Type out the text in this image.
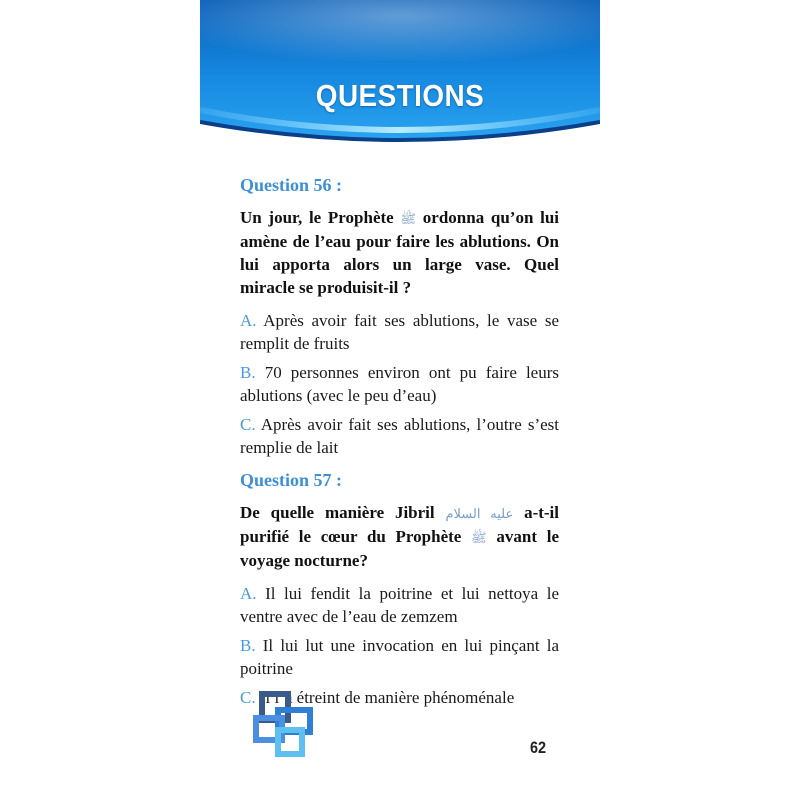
QUESTIONS
Question 56 :
Un jour, le Prophète ﷺ ordonna qu’on lui amène de l’eau pour faire les ablutions. On lui apporta alors un large vase. Quel miracle se produisit-il ?
A. Après avoir fait ses ablutions, le vase se remplit de fruits
B. 70 personnes environ ont pu faire leurs ablutions (avec le peu d’eau)
C. Après avoir fait ses ablutions, l’outre s’est remplie de lait
Question 57 :
De quelle manière Jibril عليه السلام a-t-il purifié le cœur du Prophète ﷺ avant le voyage nocturne?
A. Il lui fendit la poitrine et lui nettoya le ventre avec de l’eau de zemzem
B. Il lui lut une invocation en lui pinçant la poitrine
C. Il l’a étreint de manière phénoménale
62
